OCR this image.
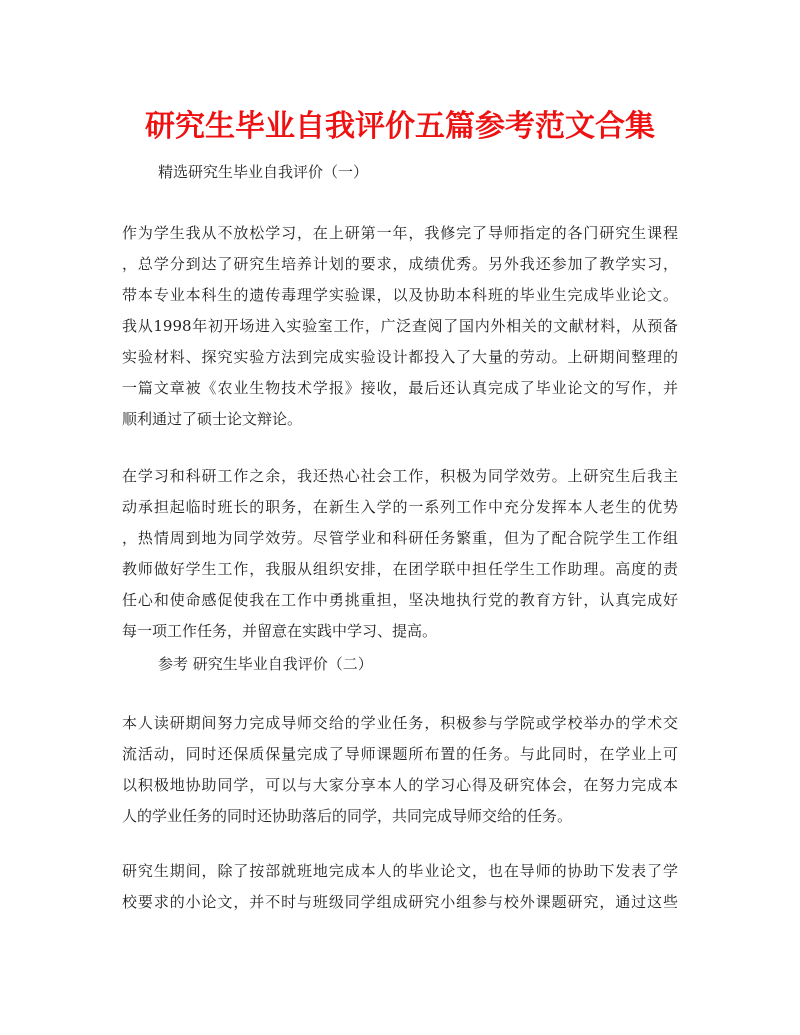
研究生毕业自我评价五篇参考范文合集

精选研究生毕业自我评价（一）

作为学生我从不放松学习，在上研第一年，我修完了导师指定的各门研究生课程
，总学分到达了研究生培养计划的要求，成绩优秀。另外我还参加了教学实习，
带本专业本科生的遗传毒理学实验课，以及协助本科班的毕业生完成毕业论文。
我从1998年初开场进入实验室工作，广泛查阅了国内外相关的文献材料，从预备
实验材料、探究实验方法到完成实验设计都投入了大量的劳动。上研期间整理的
一篇文章被《农业生物技术学报》接收，最后还认真完成了毕业论文的写作，并
顺利通过了硕士论文辩论。
在学习和科研工作之余，我还热心社会工作，积极为同学效劳。上研究生后我主
动承担起临时班长的职务，在新生入学的一系列工作中充分发挥本人老生的优势
，热情周到地为同学效劳。尽管学业和科研任务繁重，但为了配合院学生工作组
教师做好学生工作，我服从组织安排，在团学联中担任学生工作助理。高度的责
任心和使命感促使我在工作中勇挑重担，坚决地执行党的教育方针，认真完成好
每一项工作任务，并留意在实践中学习、提高。

参考 研究生毕业自我评价（二）

本人读研期间努力完成导师交给的学业任务，积极参与学院或学校举办的学术交
流活动，同时还保质保量完成了导师课题所布置的任务。与此同时，在学业上可
以积极地协助同学，可以与大家分享本人的学习心得及研究体会，在努力完成本
人的学业任务的同时还协助落后的同学，共同完成导师交给的任务。
研究生期间，除了按部就班地完成本人的毕业论文，也在导师的协助下发表了学
校要求的小论文，并不时与班级同学组成研究小组参与校外课题研究，通过这些
